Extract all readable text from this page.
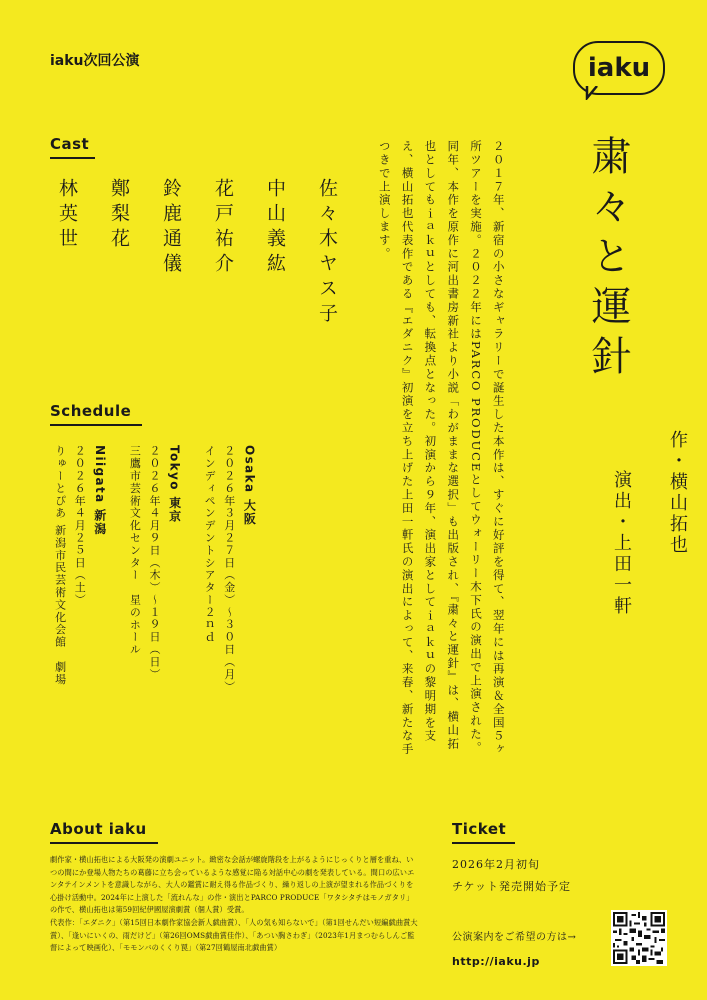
iaku次回公演	iaku
粛々と運針
作・横山拓也
演出・上田一軒
２０１７年、新宿の小さなギャラリーで誕生した本作は、すぐに好評を得て、翌年には再演＆全国５ヶ所ツアーを実施。２０２２年にはPARCO PRODUCEとしてウォーリー木下氏の演出で上演された。同年、本作を原作に河出書房新社より小説「わがままな選択」も出版され、『粛々と運針』は、横山拓也としてもｉａｋｕとしても、転換点となった。初演から９年、演出家としてｉａｋｕの黎明期を支え、横山拓也代表作である『エダニク』初演を立ち上げた上田一軒氏の演出によって、来春、新たな手つきで上演します。
Cast
佐々木ヤス子
中山義紘
花戸祐介
鈴鹿通儀
鄭梨花
林英世
Schedule
Osaka 大阪
２０２６年３月２７日（金）〜３０日（月）
インディペンデントシアター２ｎｄ
Tokyo 東京
２０２６年４月９日（木）〜１９日（日）
三鷹市芸術文化センター　星のホール
Niigata 新潟
２０２６年４月２５日（土）
りゅーとぴあ 新潟市民芸術文化会館　劇場
About iaku

劇作家・横山拓也による大阪発の演劇ユニット。緻密な会話が螺旋階段を上がるようにじっくりと層を重ね、いつの間にか登場人物たちの葛藤に立ち会っているような感覚に陥る対話中心の劇を発表している。間口の広いエンタテインメントを意識しながら、大人の鑑賞に耐え得る作品づくり、繰り返しの上演が望まれる作品づくりを心掛け活動中。2024年に上演した「流れんな」の作・演出とPARCO PRODUCE「ワタシタチはモノガタリ」の作で、横山拓也は第59回紀伊國屋演劇賞（個人賞）受賞。

代表作：「エダニク」（第15回日本劇作家協会新人戯曲賞）、「人の気も知らないで」（第1回せんだい短編戯曲賞大賞）、「逢いにいくの、雨だけど」（第26回OMS戯曲賞佳作）、「あつい胸さわぎ」（2023年1月まつむらしんご監督によって映画化）、「モモンバのくくり罠」（第27回鶴屋南北戯曲賞）

Ticket
2026年2月初旬
チケット発売開始予定
公演案内をご希望の方は→
http://iaku.jp
